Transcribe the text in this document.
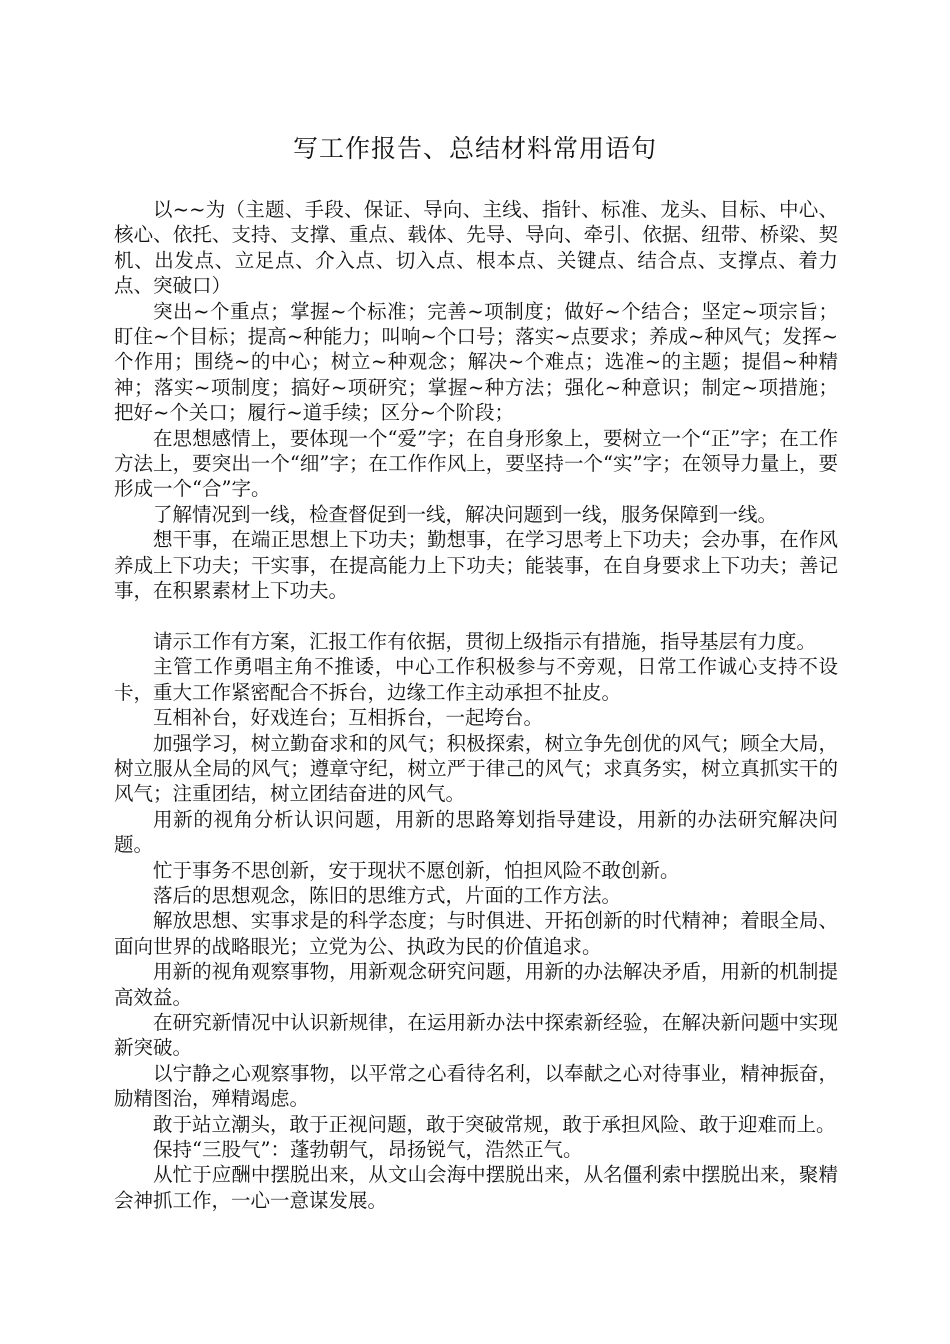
写工作报告、总结材料常用语句

以~~为（主题、手段、保证、导向、主线、指针、标准、龙头、目标、中心、核心、依托、支持、支撑、重点、载体、先导、导向、牵引、依据、纽带、桥梁、契机、出发点、立足点、介入点、切入点、根本点、关键点、结合点、支撑点、着力点、突破口）

突出~个重点；掌握~个标准；完善~项制度；做好~个结合；坚定~项宗旨；盯住~个目标；提高~种能力；叫响~个口号；落实~点要求；养成~种风气；发挥~个作用；围绕~的中心；树立~种观念；解决~个难点；选准~的主题；提倡~种精神；落实~项制度；搞好~项研究；掌握~种方法；强化~种意识；制定~项措施；把好~个关口；履行~道手续；区分~个阶段；

在思想感情上，要体现一个“爱”字；在自身形象上，要树立一个“正”字；在工作方法上，要突出一个“细”字；在工作作风上，要坚持一个“实”字；在领导力量上，要形成一个“合”字。

了解情况到一线，检查督促到一线，解决问题到一线，服务保障到一线。

想干事，在端正思想上下功夫；勤想事，在学习思考上下功夫；会办事，在作风养成上下功夫；干实事，在提高能力上下功夫；能装事，在自身要求上下功夫；善记事，在积累素材上下功夫。

请示工作有方案，汇报工作有依据，贯彻上级指示有措施，指导基层有力度。

主管工作勇唱主角不推诿，中心工作积极参与不旁观，日常工作诚心支持不设卡，重大工作紧密配合不拆台，边缘工作主动承担不扯皮。

互相补台，好戏连台；互相拆台，一起垮台。

加强学习，树立勤奋求和的风气；积极探索，树立争先创优的风气；顾全大局，树立服从全局的风气；遵章守纪，树立严于律己的风气；求真务实，树立真抓实干的风气；注重团结，树立团结奋进的风气。

用新的视角分析认识问题，用新的思路筹划指导建设，用新的办法研究解决问题。

忙于事务不思创新，安于现状不愿创新，怕担风险不敢创新。

落后的思想观念，陈旧的思维方式，片面的工作方法。

解放思想、实事求是的科学态度；与时俱进、开拓创新的时代精神；着眼全局、面向世界的战略眼光；立党为公、执政为民的价值追求。

用新的视角观察事物，用新观念研究问题，用新的办法解决矛盾，用新的机制提高效益。

在研究新情况中认识新规律，在运用新办法中探索新经验，在解决新问题中实现新突破。

以宁静之心观察事物，以平常之心看待名利，以奉献之心对待事业，精神振奋，励精图治，殚精竭虑。

敢于站立潮头，敢于正视问题，敢于突破常规，敢于承担风险、敢于迎难而上。

保持“三股气”：蓬勃朝气，昂扬锐气，浩然正气。

从忙于应酬中摆脱出来，从文山会海中摆脱出来，从名僵利索中摆脱出来，聚精会神抓工作，一心一意谋发展。
